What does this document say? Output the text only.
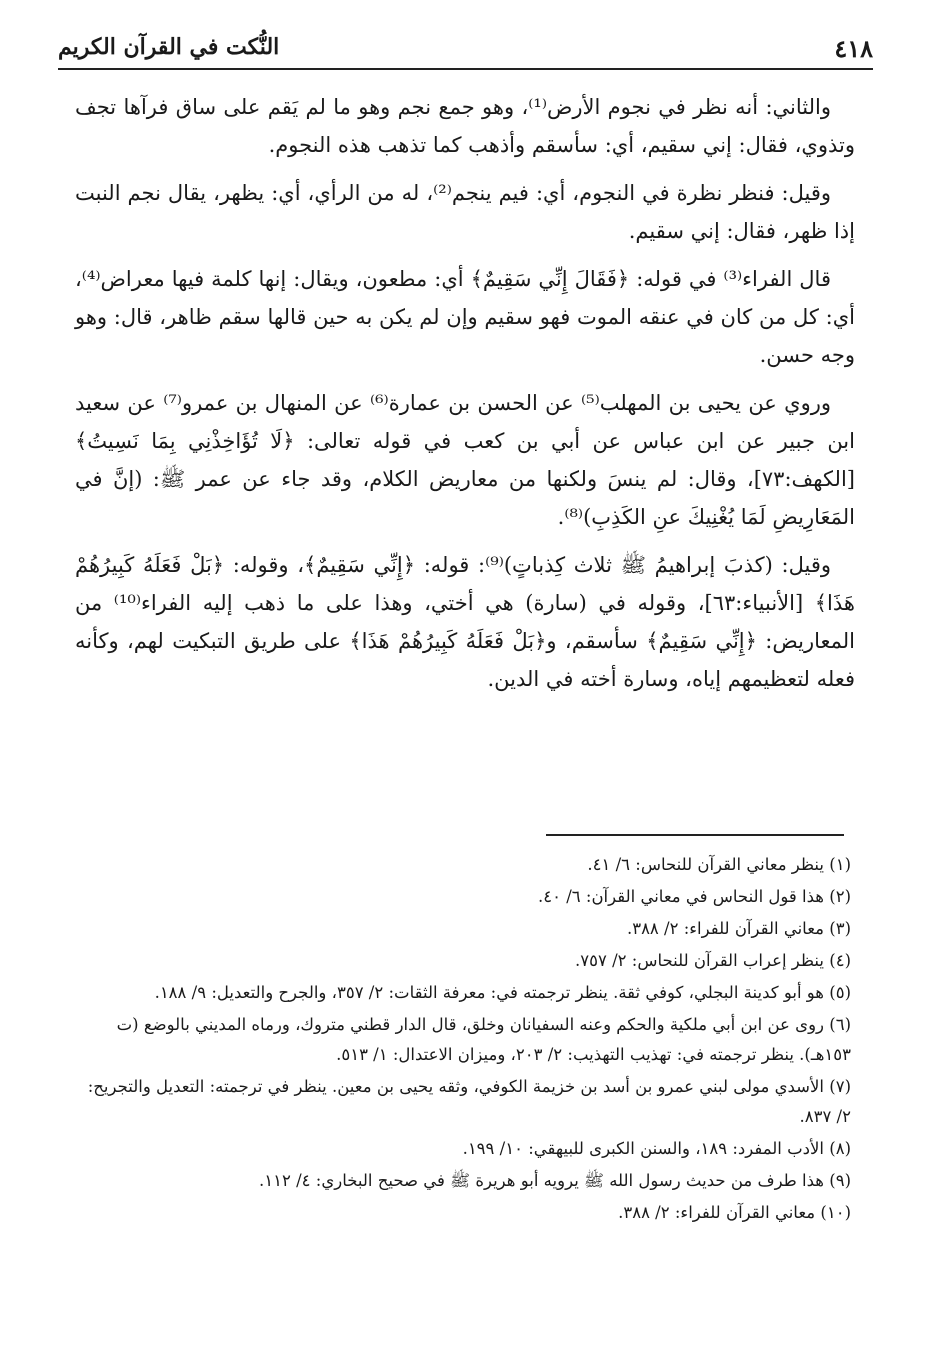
٤١٨
النُّكت في القرآن الكريم

والثاني: أنه نظر في نجوم الأرض⁽¹⁾، وهو جمع نجم وهو ما لم يَقم على ساق فرآها تجف وتذوي، فقال: إني سقيم، أي: سأسقم وأذهب كما تذهب هذه النجوم.

وقيل: فنظر نظرة في النجوم، أي: فيم ينجم⁽²⁾، له من الرأي، أي: يظهر، يقال نجم النبت إذا ظهر، فقال: إني سقيم.

قال الفراء⁽³⁾ في قوله: ﴿فَقَالَ إِنِّي سَقِيمٌ﴾ أي: مطعون، ويقال: إنها كلمة فيها معراض⁽⁴⁾، أي: كل من كان في عنقه الموت فهو سقيم وإن لم يكن به حين قالها سقم ظاهر، قال: وهو وجه حسن.

وروي عن يحيى بن المهلب⁽⁵⁾ عن الحسن بن عمارة⁽⁶⁾ عن المنهال بن عمرو⁽⁷⁾ عن سعيد ابن جبير عن ابن عباس عن أبي بن كعب في قوله تعالى: ﴿لَا تُؤَاخِذْنِي بِمَا نَسِيتُ﴾ [الكهف:٧٣]، وقال: لم ينسَ ولكنها من معاريض الكلام، وقد جاء عن عمر ﷺ: (إنَّ في المَعَارِيضِ لَمَا يُغْنِيكَ عنِ الكَذِبِ)⁽⁸⁾.

وقيل: (كذبَ إبراهيمُ ﷺ ثلاث كِذباتٍ)⁽⁹⁾: قوله: ﴿إِنِّي سَقِيمٌ﴾، وقوله: ﴿بَلْ فَعَلَهُ كَبِيرُهُمْ هَذَا﴾ [الأنبياء:٦٣]، وقوله في (سارة) هي أختي، وهذا على ما ذهب إليه الفراء⁽¹⁰⁾ من المعاريض: ﴿إِنِّي سَقِيمٌ﴾ سأسقم، و﴿بَلْ فَعَلَهُ كَبِيرُهُمْ هَذَا﴾ على طريق التبكيت لهم، وكأنه فعله لتعظيمهم إياه، وسارة أخته في الدين.

(١) ينظر معاني القرآن للنحاس: ٦/ ٤١.
(٢) هذا قول النحاس في معاني القرآن: ٦/ ٤٠.
(٣) معاني القرآن للفراء: ٢/ ٣٨٨.
(٤) ينظر إعراب القرآن للنحاس: ٢/ ٧٥٧.
(٥) هو أبو كدينة البجلي، كوفي ثقة. ينظر ترجمته في: معرفة الثقات: ٢/ ٣٥٧، والجرح والتعديل: ٩/ ١٨٨.
(٦) روى عن ابن أبي ملكية والحكم وعنه السفيانان وخلق، قال الدار قطني متروك، ورماه المديني بالوضع (ت ١٥٣هـ). ينظر ترجمته في: تهذيب التهذيب: ٢/ ٢٠٣، وميزان الاعتدال: ١/ ٥١٣.
(٧) الأسدي مولى لبني عمرو بن أسد بن خزيمة الكوفي، وثقه يحيى بن معين. ينظر في ترجمته: التعديل والتجريح: ٢/ ٨٣٧.
(٨) الأدب المفرد: ١٨٩، والسنن الكبرى للبيهقي: ١٠/ ١٩٩.
(٩) هذا طرف من حديث رسول الله ﷺ يرويه أبو هريرة ﷺ في صحيح البخاري: ٤/ ١١٢.
(١٠) معاني القرآن للفراء: ٢/ ٣٨٨.
